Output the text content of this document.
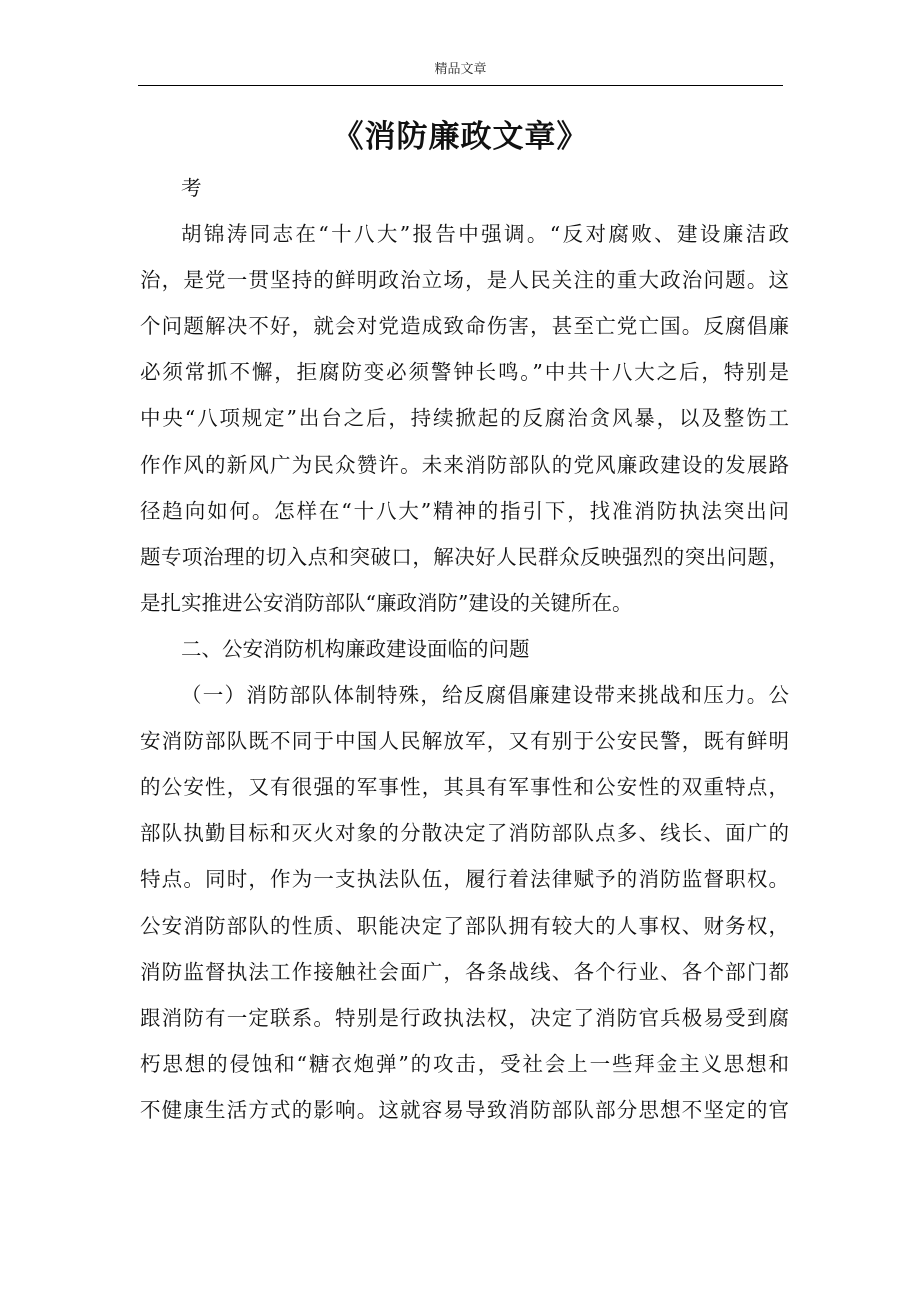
精品文章
《消防廉政文章》
考
胡锦涛同志在“十八大”报告中强调。“反对腐败、建设廉洁政
治，是党一贯坚持的鲜明政治立场，是人民关注的重大政治问题。这
个问题解决不好，就会对党造成致命伤害，甚至亡党亡国。反腐倡廉
必须常抓不懈，拒腐防变必须警钟长鸣。”中共十八大之后，特别是
中央“八项规定”出台之后，持续掀起的反腐治贪风暴，以及整饬工
作作风的新风广为民众赞许。未来消防部队的党风廉政建设的发展路
径趋向如何。怎样在“十八大”精神的指引下，找准消防执法突出问
题专项治理的切入点和突破口，解决好人民群众反映强烈的突出问题，
是扎实推进公安消防部队“廉政消防”建设的关键所在。
二、公安消防机构廉政建设面临的问题
（一）消防部队体制特殊，给反腐倡廉建设带来挑战和压力。公
安消防部队既不同于中国人民解放军，又有别于公安民警，既有鲜明
的公安性，又有很强的军事性，其具有军事性和公安性的双重特点，
部队执勤目标和灭火对象的分散决定了消防部队点多、线长、面广的
特点。同时，作为一支执法队伍，履行着法律赋予的消防监督职权。
公安消防部队的性质、职能决定了部队拥有较大的人事权、财务权，
消防监督执法工作接触社会面广，各条战线、各个行业、各个部门都
跟消防有一定联系。特别是行政执法权，决定了消防官兵极易受到腐
朽思想的侵蚀和“糖衣炮弹”的攻击，受社会上一些拜金主义思想和
不健康生活方式的影响。这就容易导致消防部队部分思想不坚定的官
